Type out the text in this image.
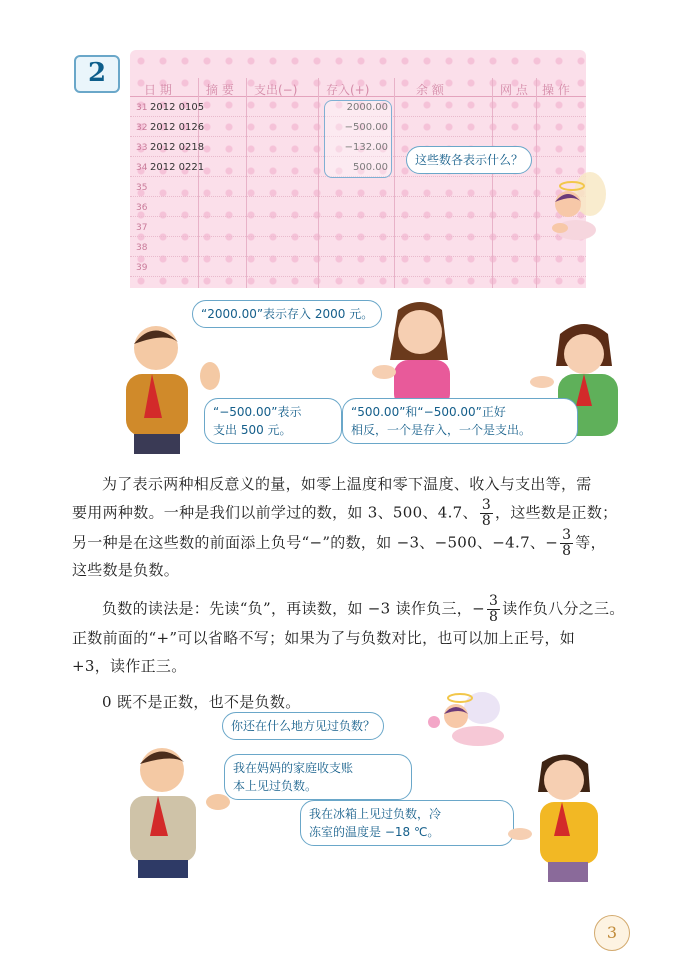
2
日 期	摘 要 支出(−) 存入(+)	余 额	网 点 操 作
31 2012 0105	2000.00
32 2012 0126	−500.00
33 2012 0218	−132.00
34 2012 0221	500.00
35
36
37
38
39
这些数各表示什么？
“−500.00”表示
支出 500 元。
“2000.00”表示存入 2000 元。
“500.00”和“−500.00”正好
相反，一个是存入，一个是支出。
为了表示两种相反意义的量，如零上温度和零下温度、收入与支出等，需
要用两种数。一种是我们以前学过的数，如 3、500、4.7、 $\frac{3}{8}$ ，这些数是正数；
另一种是在这些数的前面添上负号“−”的数，如 −3、−500、−4.7、− $\frac{3}{8}$ 等，
这些数是负数。
负数的读法是：先读“负”，再读数，如 −3 读作负三，− $\frac{3}{8}$ 读作负八分之三。
正数前面的“+”可以省略不写；如果为了与负数对比，也可以加上正号，如
+3，读作正三。
0 既不是正数，也不是负数。
你还在什么地方见过负数？
我在妈妈的家庭收支账
本上见过负数。
我在冰箱上见过负数，冷
冻室的温度是 −18 ℃。
3
